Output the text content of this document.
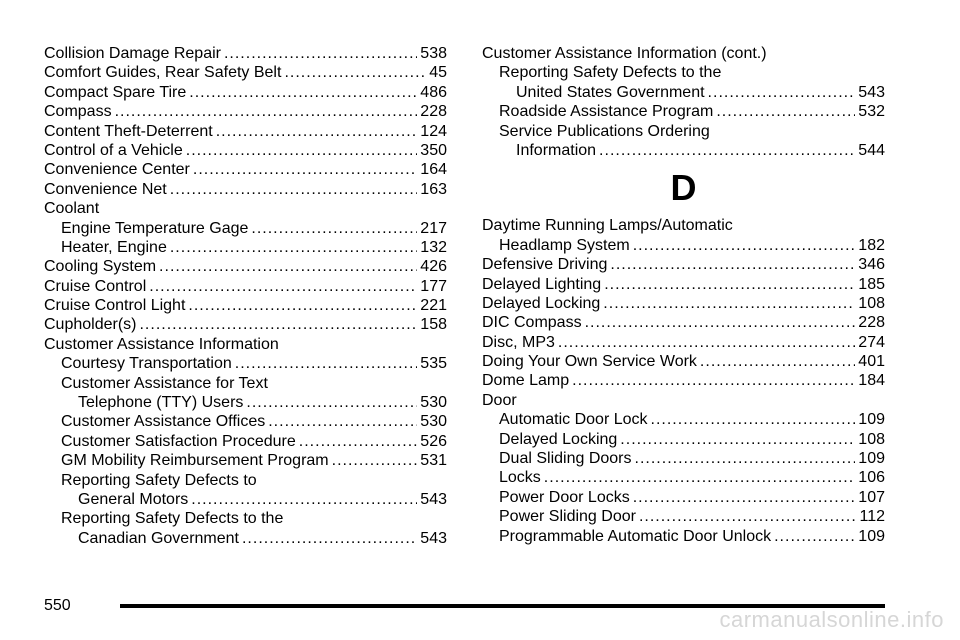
Collision Damage Repair .....	538
Comfort Guides, Rear Safety Belt .....	45
Compact Spare Tire .....	486
Compass .....	228
Content Theft-Deterrent .....	124
Control of a Vehicle .....	350
Convenience Center .....	164
Convenience Net .....	163
Coolant
Engine Temperature Gage .....	217
Heater, Engine .....	132
Cooling System .....	426
Cruise Control .....	177
Cruise Control Light .....	221
Cupholder(s) .....	158
Customer Assistance Information
Courtesy Transportation .....	535
Customer Assistance for Text
Telephone (TTY) Users .....	530
Customer Assistance Offices .....	530
Customer Satisfaction Procedure .....	526
GM Mobility Reimbursement Program .....	531
Reporting Safety Defects to
General Motors .....	543
Reporting Safety Defects to the
Canadian Government .....	543
Customer Assistance Information (cont.)
Reporting Safety Defects to the
United States Government .....	543
Roadside Assistance Program .....	532
Service Publications Ordering
Information .....	544
D
Daytime Running Lamps/Automatic
Headlamp System .....	182
Defensive Driving .....	346
Delayed Lighting .....	185
Delayed Locking .....	108
DIC Compass .....	228
Disc, MP3 .....	274
Doing Your Own Service Work .....	401
Dome Lamp .....	184
Door
Automatic Door Lock .....	109
Delayed Locking .....	108
Dual Sliding Doors .....	109
Locks .....	106
Power Door Locks .....	107
Power Sliding Door .....	112
Programmable Automatic Door Unlock .....	109
550
carmanualsonline.info
